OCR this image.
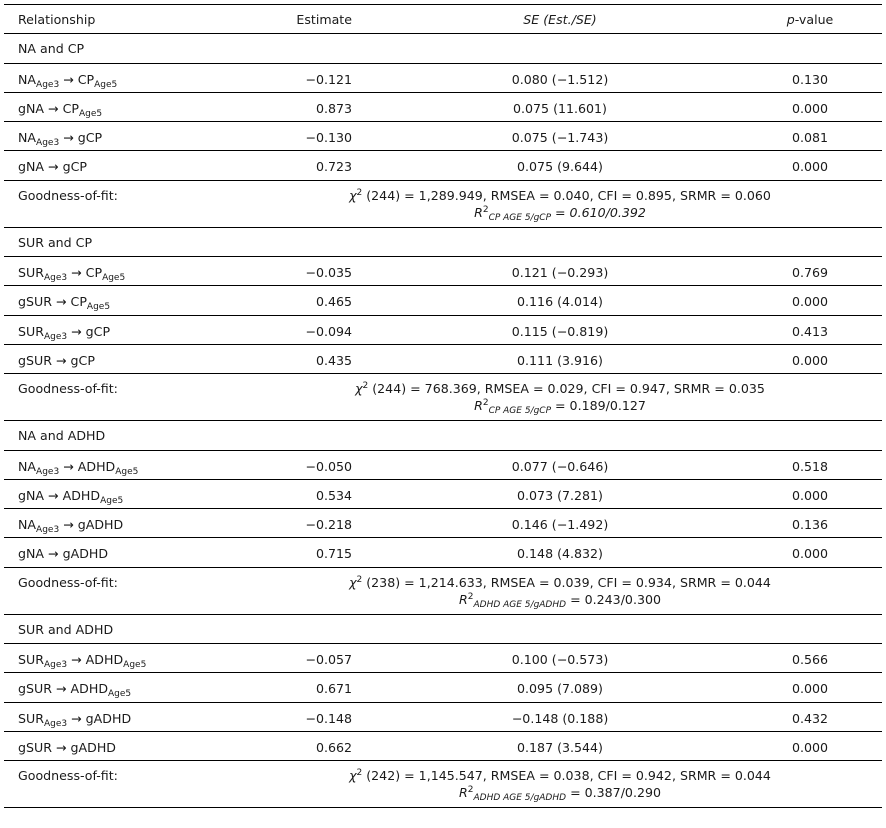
Relationship	Estimate	SE (Est./SE)	p-value
NA and CP
$NA_{Age3} \to CP_{Age5}$	−0.121	0.080 (−1.512)	0.130
gNA → $CP_{Age5}$	0.873	0.075 (11.601)	0.000
$NA_{Age3}$ → gCP	−0.130	0.075 (−1.743)	0.081
gNA → gCP	0.723	0.075 (9.644)	0.000
Goodness-of-fit:	$\chi^2$ (244) = 1,289.949, RMSEA = 0.040, CFI = 0.895, SRMR = 0.060
$R^2_{CP AGE 5/gCP} = 0.610/0.392$
SUR and CP
$SUR_{Age3} \to CP_{Age5}$	−0.035	0.121 (−0.293)	0.769
gSUR → $CP_{Age5}$	0.465	0.116 (4.014)	0.000
$SUR_{Age3}$ → gCP	−0.094	0.115 (−0.819)	0.413
gSUR → gCP	0.435	0.111 (3.916)	0.000
Goodness-of-fit:	$\chi^2$ (244) = 768.369, RMSEA = 0.029, CFI = 0.947, SRMR = 0.035
$R^2_{CP AGE 5/gCP} = 0.189/0.127$
NA and ADHD
$NA_{Age3}$ → $ADHD_{Age5}$	−0.050	0.077 (−0.646)	0.518
gNA → $ADHD_{Age5}$	0.534	0.073 (7.281)	0.000
$NA_{Age3}$ → gADHD	−0.218	0.146 (−1.492)	0.136
gNA → gADHD	0.715	0.148 (4.832)	0.000
Goodness-of-fit:	$\chi^2$ (238) = 1,214.633, RMSEA = 0.039, CFI = 0.934, SRMR = 0.044
$R^2_{ADHD AGE 5/gADHD} = 0.243/0.300$
SUR and ADHD
$SUR_{Age3}$ → $ADHD_{Age5}$	−0.057	0.100 (−0.573)	0.566
gSUR → $ADHD_{Age5}$	0.671	0.095 (7.089)	0.000
$SUR_{Age3}$ → gADHD	−0.148	−0.148 (0.188)	0.432
gSUR → gADHD	0.662	0.187 (3.544)	0.000
Goodness-of-fit:	$\chi^2$ (242) = 1,145.547, RMSEA = 0.038, CFI = 0.942, SRMR = 0.044
$R^2_{ADHD AGE 5/gADHD} = 0.387/0.290$
